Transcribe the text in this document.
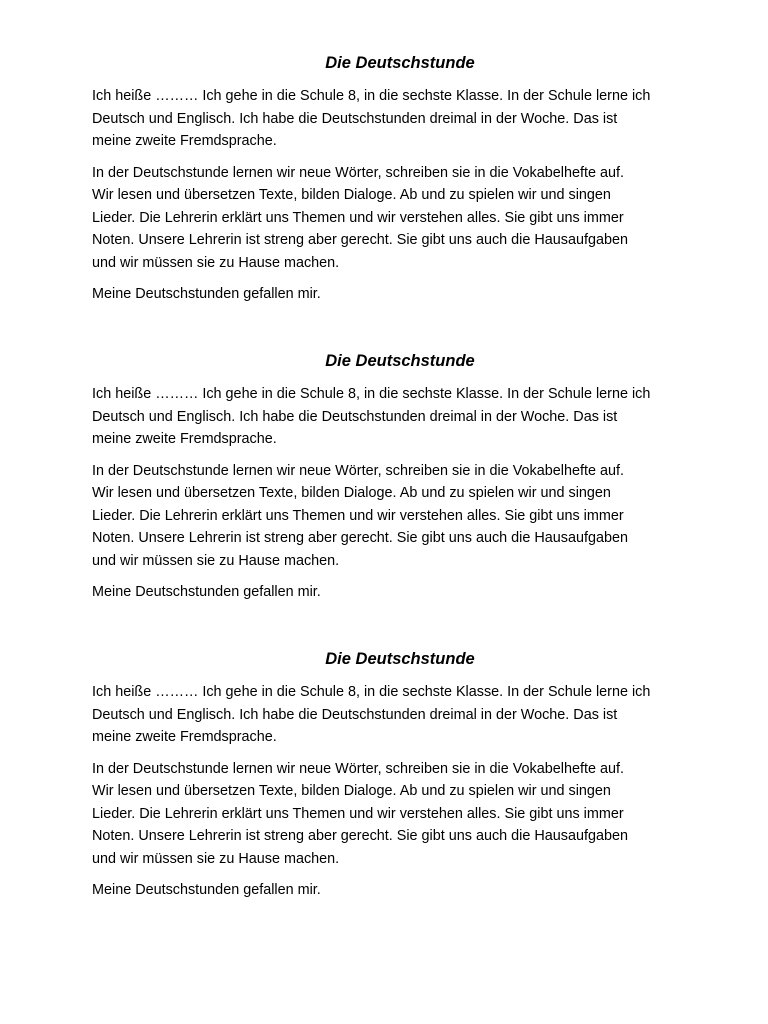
Die Deutschstunde
Ich heiße ……… Ich gehe in die Schule 8, in die sechste Klasse. In der Schule lerne ich
Deutsch und Englisch. Ich habe die Deutschstunden dreimal in der Woche. Das ist
meine zweite Fremdsprache.
In der Deutschstunde lernen wir neue Wörter, schreiben sie in die Vokabelhefte auf.
Wir lesen und übersetzen Texte, bilden Dialoge. Ab und zu spielen wir und singen
Lieder. Die Lehrerin erklärt uns Themen und wir verstehen alles. Sie gibt uns immer
Noten. Unsere Lehrerin ist streng aber gerecht. Sie gibt uns auch die Hausaufgaben
und wir müssen sie zu Hause machen.
Meine Deutschstunden gefallen mir.
Die Deutschstunde
Ich heiße ……… Ich gehe in die Schule 8, in die sechste Klasse. In der Schule lerne ich
Deutsch und Englisch. Ich habe die Deutschstunden dreimal in der Woche. Das ist
meine zweite Fremdsprache.
In der Deutschstunde lernen wir neue Wörter, schreiben sie in die Vokabelhefte auf.
Wir lesen und übersetzen Texte, bilden Dialoge. Ab und zu spielen wir und singen
Lieder. Die Lehrerin erklärt uns Themen und wir verstehen alles. Sie gibt uns immer
Noten. Unsere Lehrerin ist streng aber gerecht. Sie gibt uns auch die Hausaufgaben
und wir müssen sie zu Hause machen.
Meine Deutschstunden gefallen mir.
Die Deutschstunde
Ich heiße ……… Ich gehe in die Schule 8, in die sechste Klasse. In der Schule lerne ich
Deutsch und Englisch. Ich habe die Deutschstunden dreimal in der Woche. Das ist
meine zweite Fremdsprache.
In der Deutschstunde lernen wir neue Wörter, schreiben sie in die Vokabelhefte auf.
Wir lesen und übersetzen Texte, bilden Dialoge. Ab und zu spielen wir und singen
Lieder. Die Lehrerin erklärt uns Themen und wir verstehen alles. Sie gibt uns immer
Noten. Unsere Lehrerin ist streng aber gerecht. Sie gibt uns auch die Hausaufgaben
und wir müssen sie zu Hause machen.
Meine Deutschstunden gefallen mir.
